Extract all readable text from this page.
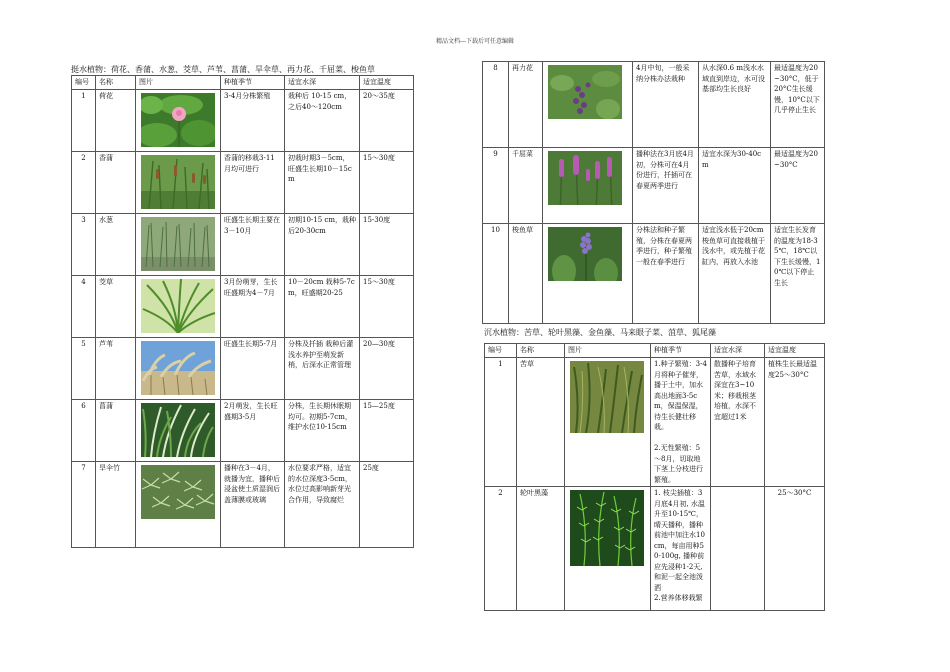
精品文档---下载后可任意编辑
挺水植物：荷花、香蒲、水葱、茭草、芦苇、菖蒲、旱伞草、再力花、千屈菜、梭鱼草
编号	名称	图片	种植季节	适宜水深	适宜温度
1	荷花		3-4月分株繁殖	栽种后 10-15 cm，之后40～120cm	20～35度
2	香蒲		香蒲的移栽3-11月均可进行	初栽时期3－5cm，旺盛生长期10－15cm	15～30度
3	水葱		旺盛生长期主要在3－10月	初期10-15 cm，栽种后20-30cm	15-30度
4	茭草		3月份萌芽，生长旺盛期为4－7月	10－20cm 栽种5-7cm，旺盛期20-25	15～30度
5	芦苇		旺盛生长期5-7月	分株及扦插 栽种后灌浅水养护至萌发新梢，后深水正常管理	20—30度
6	菖蒲		2月萌发，生长旺盛期3-5月	分株，生长期休眠期均可。初期5-7cm，维护水位10-15cm	15—25度
7	旱伞竹		播种在3－4月，就播为宜，播种后浸盆使土质湿润后盖薄膜或玻璃	水位要求严格，适宜的水位深度3-5cm，水位过高影响新芽光合作用，导致腐烂	25度
8	再力花		4月中旬，一般采纳分株办法栽种	从水深0.6 m浅水水域直到岸边，水可没基部均生长良好	最适温度为20~30°C，低于20°C生长缓慢，10°C以下几乎停止生长
9	千屈菜		播种法在3月底4月初，分株可在4月份进行，扦插可在春夏两季进行	适宜水深为30-40cm	最适温度为20~30°C
10	梭鱼草		分株法和种子繁殖，分株在春夏两季进行，种子繁殖一般在春季进行	适宜浅水低于20cm梭鱼草可直接栽植于浅水中，或先植于花缸内，再放入水池	适宜生长发育的温度为18-35℃，18℃以下生长缓慢，10℃以下停止生长
沉水植物：苦草、轮叶黑藻、金鱼藻、马来眼子菜、菹草、狐尾藻
编号	名称	图片	种植季节	适宜水深	适宜温度
1	苦草		1.种子繁殖：3-4月将种子催芽，播于土中，加水高出地面3-5cm，保温保湿，待生长健壮移栽。

2.无性繁殖：5～8月，切取地下茎上分枝进行繁殖。	散播种子培育苦草，水域水深宜在3~10米；移栽根茎培植，水深不宜超过1米	植株生长最适温度25～30°C
2	轮叶黑藻		1. 枝尖插植：3月底4月初, 水温升至10-15℃，晴天播种，播种前池中加注水10cm，每亩用种50-100g, 播种前应先浸种1-2天, 和泥一起全池泼洒
2.营养体移栽繁		25～30°C
